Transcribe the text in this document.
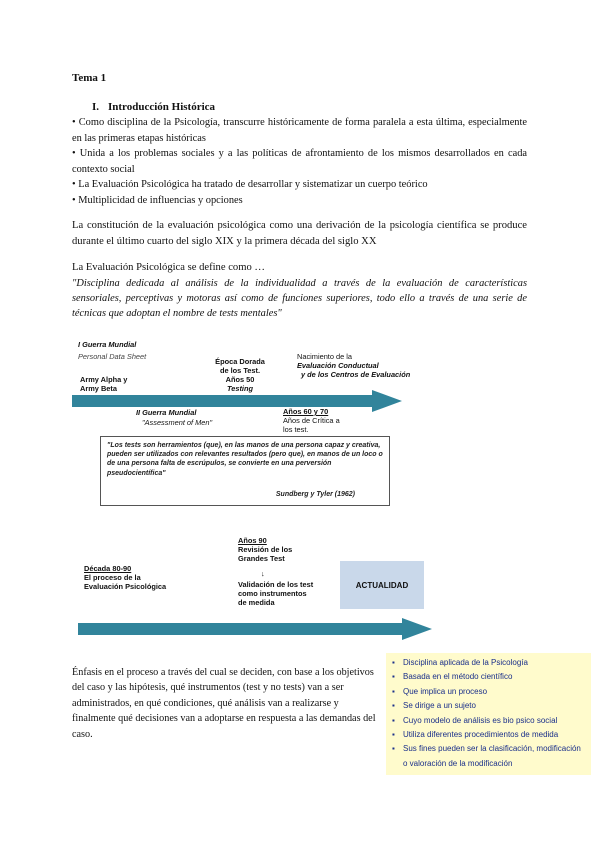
Tema 1
I. Introducción Histórica

• Como disciplina de la Psicología, transcurre históricamente de forma paralela a esta última, especialmente en las primeras etapas históricas

• Unida a los problemas sociales y a las políticas de afrontamiento de los mismos desarrollados en cada contexto social

• La Evaluación Psicológica ha tratado de desarrollar y sistematizar un cuerpo teórico

• Multiplicidad de influencias y opciones

La constitución de la evaluación psicológica como una derivación de la psicología científica se produce durante el último cuarto del siglo XIX y la primera década del siglo XX

La Evaluación Psicológica se define como …

"Disciplina dedicada al análisis de la individualidad a través de la evaluación de características sensoriales, perceptivas y motoras así como de funciones superiores, todo ello a través de una serie de técnicas que adoptan el nombre de tests mentales"

I Guerra Mundial
Personal Data Sheet
Army Alpha y
Army Beta
Época Dorada
de los Test.
Años 50
Testing
Nacimiento de la
Evaluación Conductual
y de los Centros de Evaluación
II Guerra Mundial
"Assessment of Men"
Años 60 y 70
Años de Crítica a
los test.
"Los tests son herramientos (que), en las manos de una persona capaz y creativa, pueden ser utilizados con relevantes resultados (pero que), en manos de un loco o de una persona falta de escrúpulos, se convierte en una perversión pseudocientífica"
Sundberg y Tyler (1962)
Años 90
Revisión de los
Grandes Test
↓
Validación de los test
como instrumentos
de medida
Década 80-90
El proceso de la
Evaluación Psicológica	ACTUALIDAD

Énfasis en el proceso a través del cual se deciden, con base a los objetivos del caso y las hipótesis, qué instrumentos (test y no tests) van a ser administrados, en qué condiciones, qué análisis van a realizarse y finalmente qué decisiones van a adoptarse en respuesta a las demandas del caso.

▪ Disciplina aplicada de la Psicología
▪ Basada en el método científico
▪ Que implica un proceso
▪ Se dirige a un sujeto
▪ Cuyo modelo de análisis es bio psico social
▪ Utiliza diferentes procedimientos de medida
▪ Sus fines pueden ser la clasificación, modificación o valoración de la modificación
